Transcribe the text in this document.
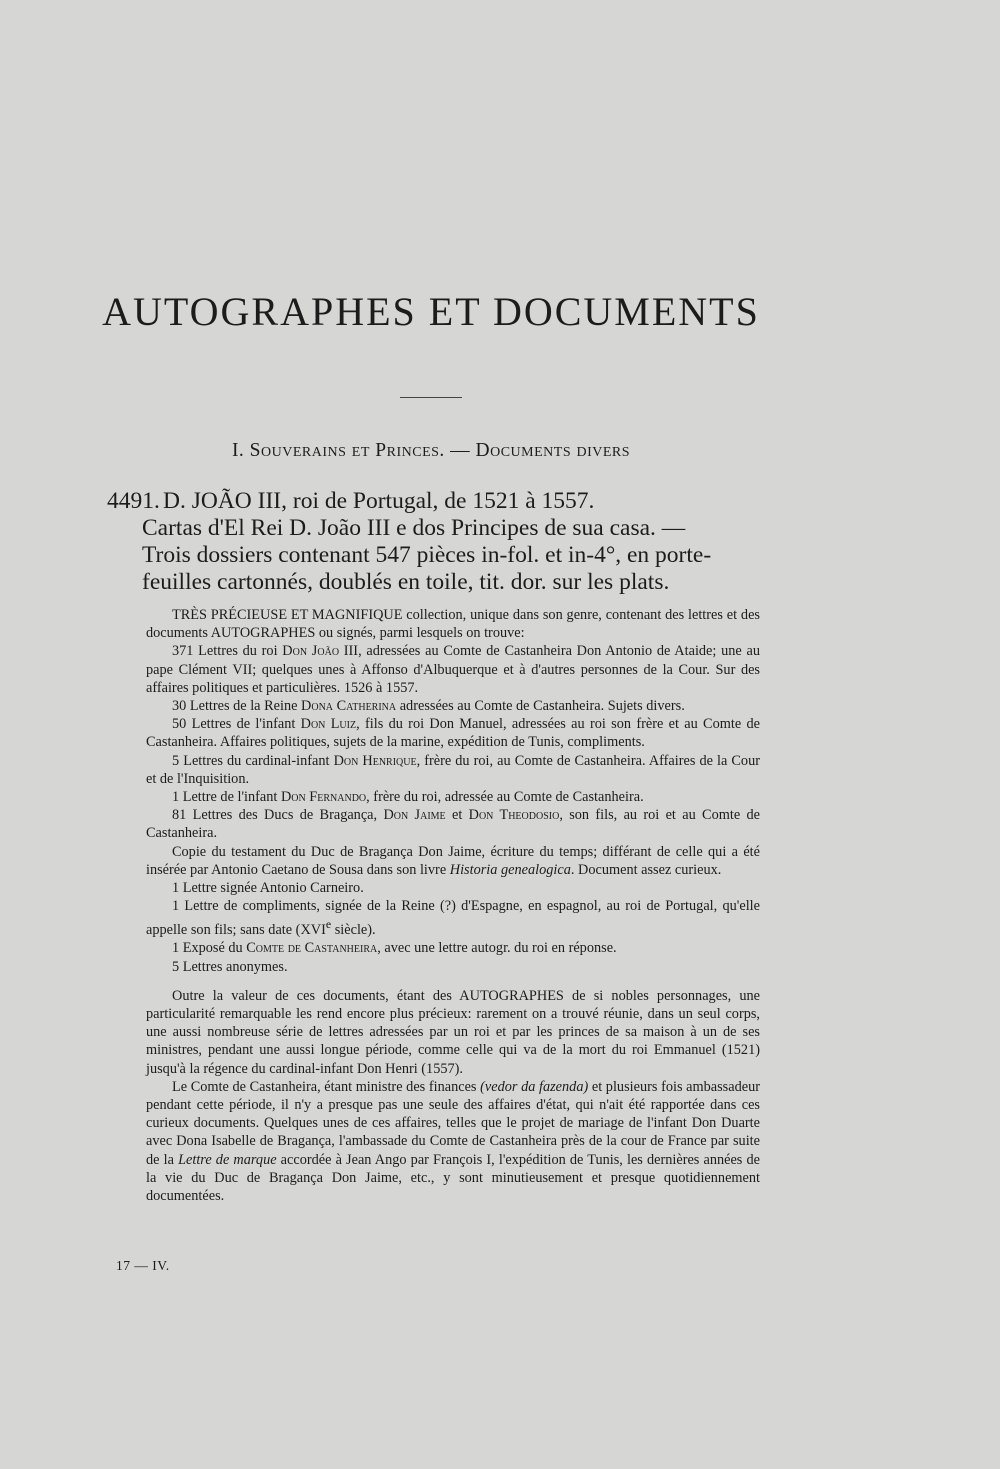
AUTOGRAPHES ET DOCUMENTS
I. Souverains et Princes. — Documents divers
4491. D. JOÃO III, roi de Portugal, de 1521 à 1557.
Cartas d'El Rei D. João III e dos Principes de sua casa. —
Trois dossiers contenant 547 pièces in-fol. et in-4°, en porte-
feuilles cartonnés, doublés en toile, tit. dor. sur les plats.

TRÈS PRÉCIEUSE ET MAGNIFIQUE collection, unique dans son genre, contenant des lettres et des documents AUTOGRAPHES ou signés, parmi lesquels on trouve:

371 Lettres du roi Don João III, adressées au Comte de Castanheira Don Antonio de Ataide; une au pape Clément VII; quelques unes à Affonso d'Albuquerque et à d'autres personnes de la Cour. Sur des affaires politiques et particulières. 1526 à 1557.

30 Lettres de la Reine Dona Catherina adressées au Comte de Castanheira. Sujets divers.

50 Lettres de l'infant Don Luiz, fils du roi Don Manuel, adressées au roi son frère et au Comte de Castanheira. Affaires politiques, sujets de la marine, expédition de Tunis, compliments.

5 Lettres du cardinal-infant Don Henrique, frère du roi, au Comte de Castanheira. Affaires de la Cour et de l'Inquisition.

1 Lettre de l'infant Don Fernando, frère du roi, adressée au Comte de Castanheira.

81 Lettres des Ducs de Bragança, Don Jaime et Don Theodosio, son fils, au roi et au Comte de Castanheira.

Copie du testament du Duc de Bragança Don Jaime, écriture du temps; différant de celle qui a été insérée par Antonio Caetano de Sousa dans son livre Historia genealogica. Document assez curieux.

1 Lettre signée Antonio Carneiro.

1 Lettre de compliments, signée de la Reine (?) d'Espagne, en espagnol, au roi de Portugal, qu'elle appelle son fils; sans date (XVIe siècle).

1 Exposé du Comte de Castanheira, avec une lettre autogr. du roi en réponse.

5 Lettres anonymes.

Outre la valeur de ces documents, étant des AUTOGRAPHES de si nobles personnages, une particularité remarquable les rend encore plus précieux: rarement on a trouvé réunie, dans un seul corps, une aussi nombreuse série de lettres adressées par un roi et par les princes de sa maison à un de ses ministres, pendant une aussi longue période, comme celle qui va de la mort du roi Emmanuel (1521) jusqu'à la régence du cardinal-infant Don Henri (1557).

Le Comte de Castanheira, étant ministre des finances (vedor da fazenda) et plusieurs fois ambassadeur pendant cette période, il n'y a presque pas une seule des affaires d'état, qui n'ait été rapportée dans ces curieux documents. Quelques unes de ces affaires, telles que le projet de mariage de l'infant Don Duarte avec Dona Isabelle de Bragança, l'ambassade du Comte de Castanheira près de la cour de France par suite de la Lettre de marque accordée à Jean Ango par François I, l'expédition de Tunis, les dernières années de la vie du Duc de Bragança Don Jaime, etc., y sont minutieusement et presque quotidiennement documentées.

17 — IV.
